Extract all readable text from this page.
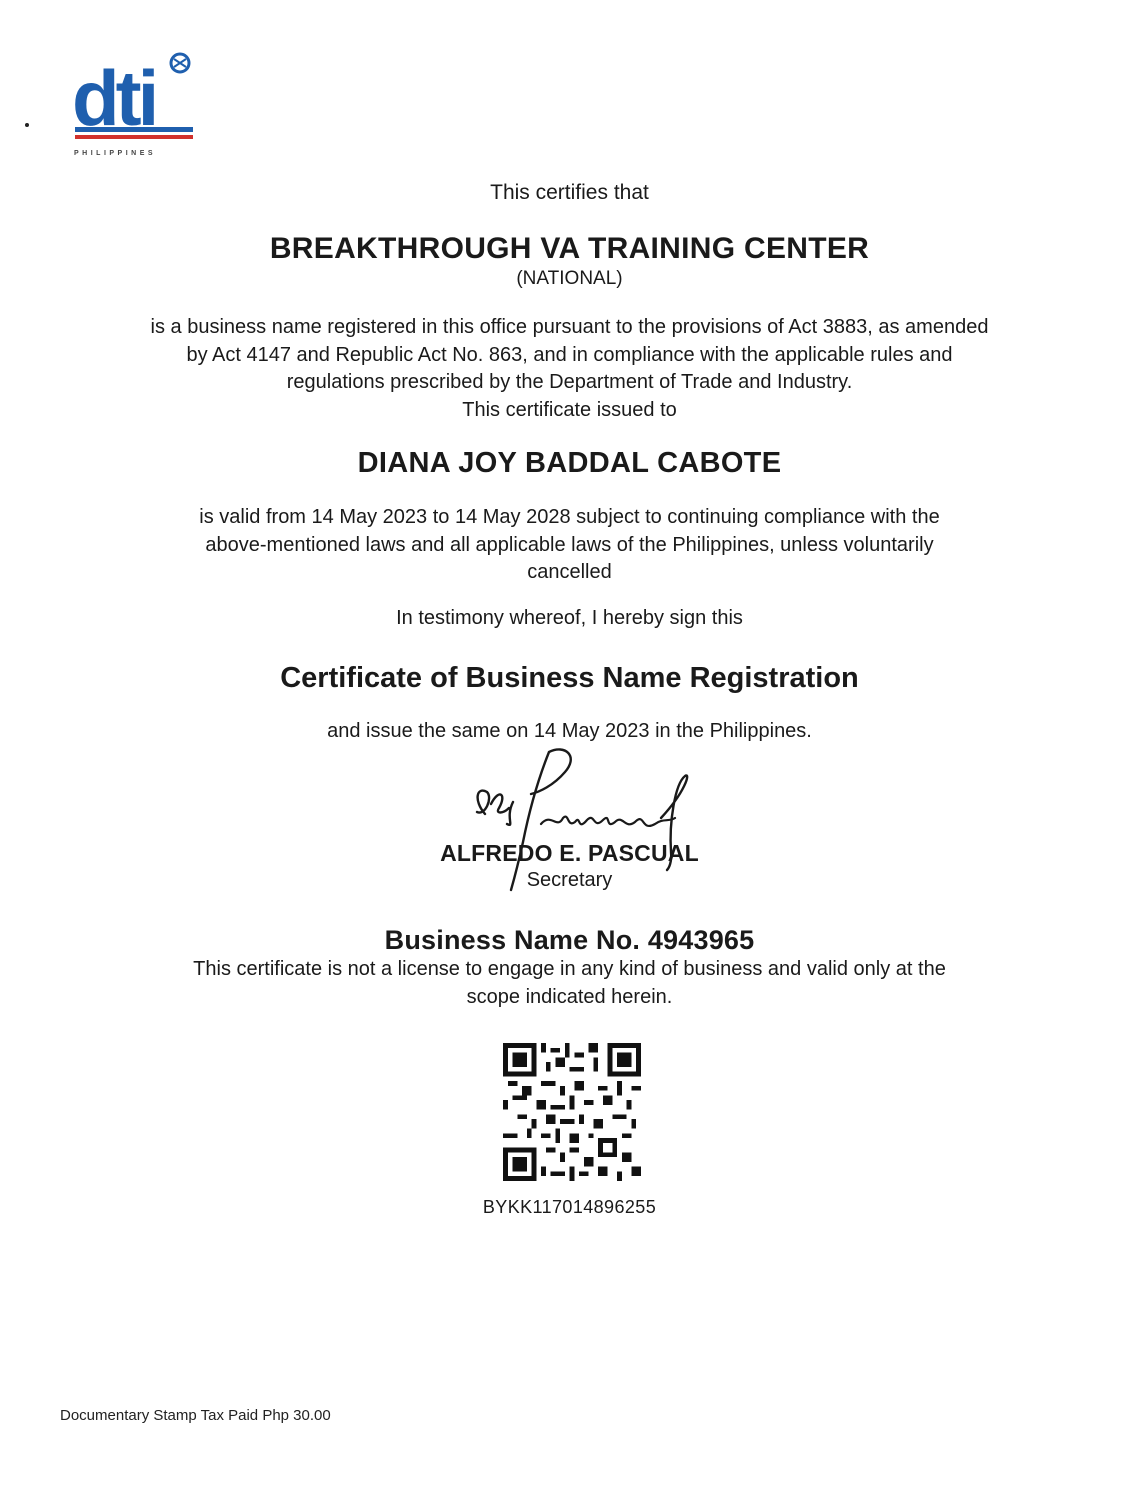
dti
PHILIPPINES
This certifies that
BREAKTHROUGH VA TRAINING CENTER
(NATIONAL)
is a business name registered in this office pursuant to the provisions of Act 3883, as amended
by Act 4147 and Republic Act No. 863, and in compliance with the applicable rules and
regulations prescribed by the Department of Trade and Industry.
This certificate issued to
DIANA JOY BADDAL CABOTE
is valid from 14 May 2023 to 14 May 2028 subject to continuing compliance with the
above-mentioned laws and all applicable laws of the Philippines, unless voluntarily
cancelled
In testimony whereof, I hereby sign this
Certificate of Business Name Registration
and issue the same on 14 May 2023 in the Philippines.
ALFREDO E. PASCUAL
Secretary
Business Name No. 4943965
This certificate is not a license to engage in any kind of business and valid only at the
scope indicated herein.
BYKK117014896255
Documentary Stamp Tax Paid Php 30.00
